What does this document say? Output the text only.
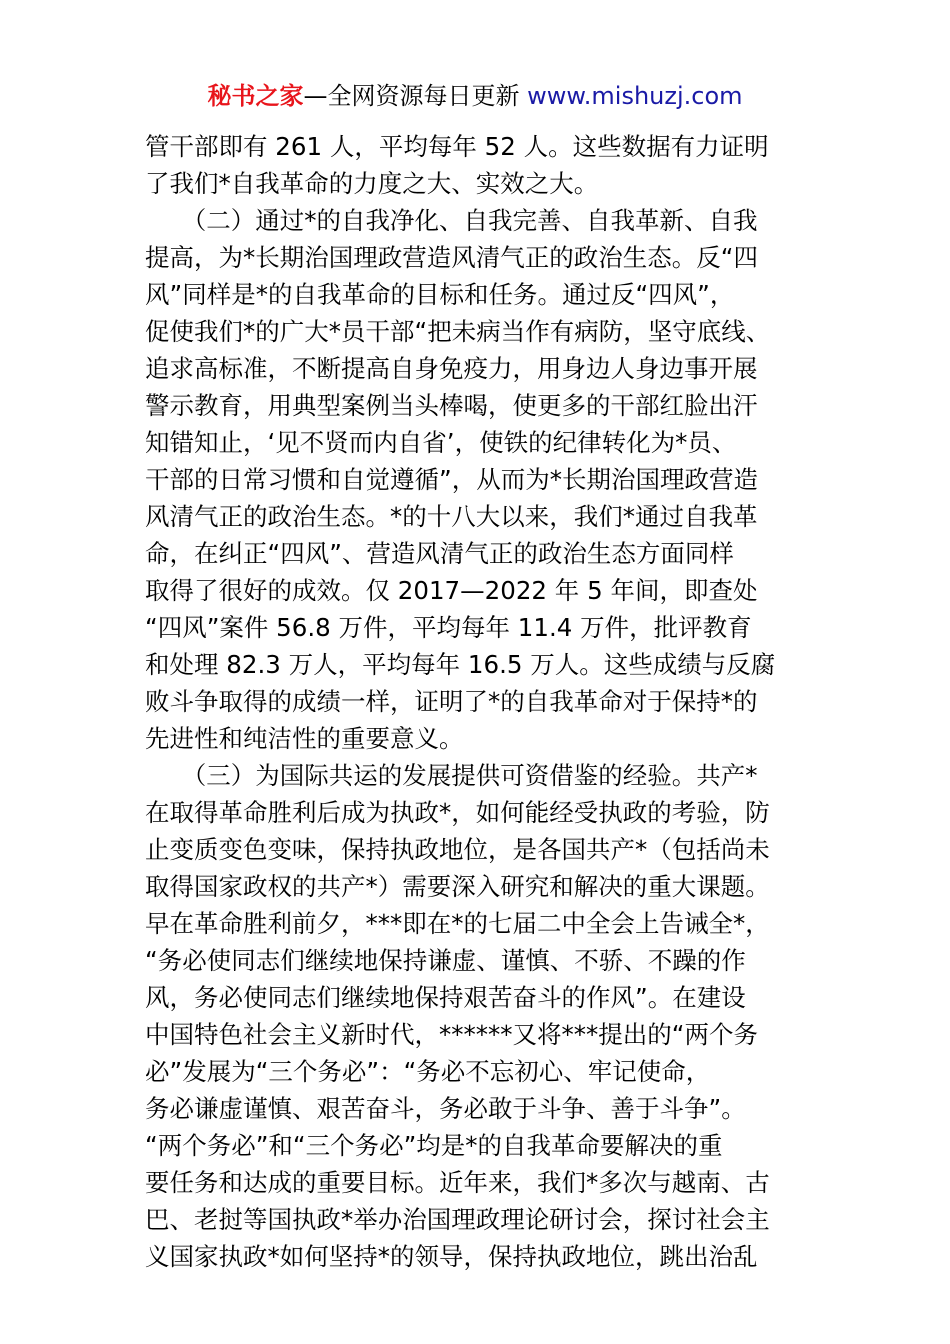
秘书之家—全网资源每日更新 www.mishuzj.com
管干部即有 261 人，平均每年 52 人。这些数据有力证明
了我们*自我革命的力度之大、实效之大。
　　（二）通过*的自我净化、自我完善、自我革新、自我
提高，为*长期治国理政营造风清气正的政治生态。反“四
风”同样是*的自我革命的目标和任务。通过反“四风”，
促使我们*的广大*员干部“把未病当作有病防，坚守底线、
追求高标准，不断提高自身免疫力，用身边人身边事开展
警示教育，用典型案例当头棒喝，使更多的干部红脸出汗
知错知止，‘见不贤而内自省’，使铁的纪律转化为*员、
干部的日常习惯和自觉遵循”，从而为*长期治国理政营造
风清气正的政治生态。*的十八大以来，我们*通过自我革
命，在纠正“四风”、营造风清气正的政治生态方面同样
取得了很好的成效。仅 2017—2022 年 5 年间，即查处
“四风”案件 56.8 万件，平均每年 11.4 万件，批评教育
和处理 82.3 万人，平均每年 16.5 万人。这些成绩与反腐
败斗争取得的成绩一样，证明了*的自我革命对于保持*的
先进性和纯洁性的重要意义。
　　（三）为国际共运的发展提供可资借鉴的经验。共产*
在取得革命胜利后成为执政*，如何能经受执政的考验，防
止变质变色变味，保持执政地位，是各国共产*（包括尚未
取得国家政权的共产*）需要深入研究和解决的重大课题。
早在革命胜利前夕，***即在*的七届二中全会上告诫全*，
“务必使同志们继续地保持谦虚、谨慎、不骄、不躁的作
风，务必使同志们继续地保持艰苦奋斗的作风”。在建设
中国特色社会主义新时代，******又将***提出的“两个务
必”发展为“三个务必”：“务必不忘初心、牢记使命，
务必谦虚谨慎、艰苦奋斗，务必敢于斗争、善于斗争”。
“两个务必”和“三个务必”均是*的自我革命要解决的重
要任务和达成的重要目标。近年来，我们*多次与越南、古
巴、老挝等国执政*举办治国理政理论研讨会，探讨社会主
义国家执政*如何坚持*的领导，保持执政地位，跳出治乱
